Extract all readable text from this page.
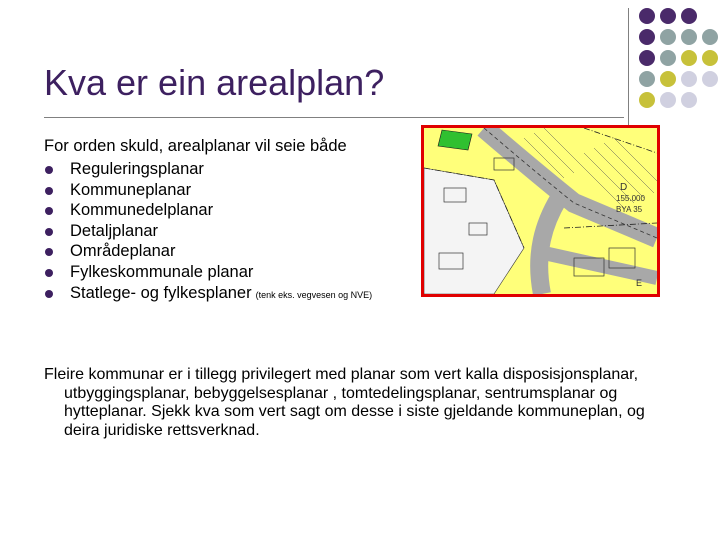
Kva er ein arealplan?
For orden skuld, arealplanar vil seie både
Reguleringsplanar
Kommuneplanar
Kommunedelplanar
Detaljplanar
Områdeplanar
Fylkeskommunale planar
Statlege- og fylkesplaner (tenk eks. vegvesen og NVE)
D
155.000
BYA 35
E
Fleire kommunar er i tillegg privilegert med planar som vert kalla disposisjonsplanar, utbyggingsplanar, bebyggelsesplanar , tomtedelingsplanar, sentrumsplanar og hytteplanar. Sjekk kva som vert sagt om desse i siste gjeldande kommuneplan, og deira juridiske rettsverknad.
